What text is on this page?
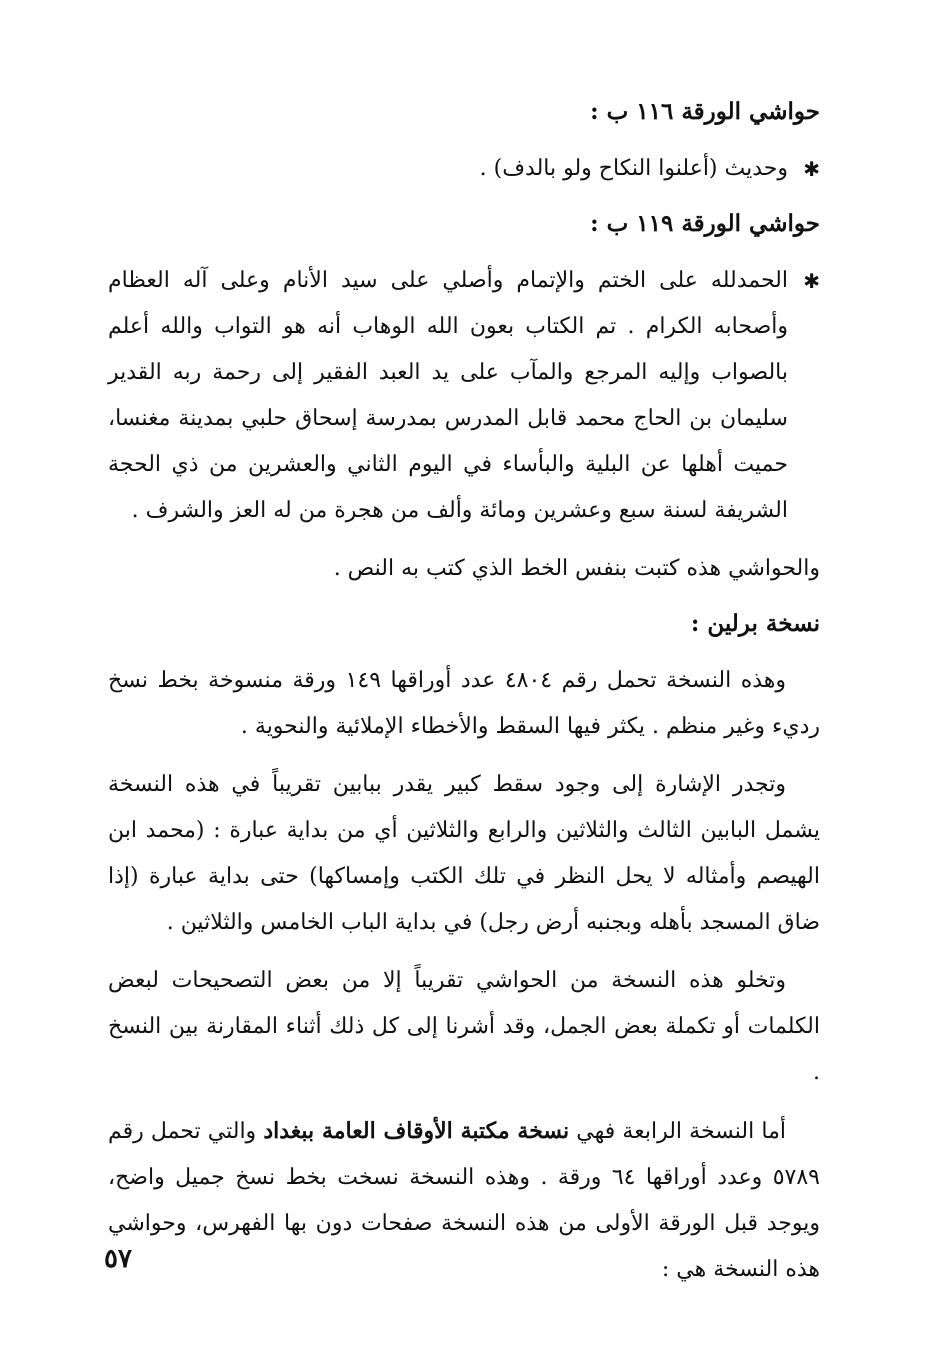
حواشي الورقة ١١٦ ب :
✱
وحديث (أعلنوا النكاح ولو بالدف) .
حواشي الورقة ١١٩ ب :
✱
الحمدلله على الختم والإتمام وأصلي على سيد الأنام وعلى آله العظام وأصحابه الكرام . تم الكتاب بعون الله الوهاب أنه هو التواب والله أعلم بالصواب وإليه المرجع والمآب على يد العبد الفقير إلى رحمة ربه القدير سليمان بن الحاج محمد قابل المدرس بمدرسة إسحاق حلبي بمدينة مغنسا، حميت أهلها عن البلية والبأساء في اليوم الثاني والعشرين من ذي الحجة الشريفة لسنة سبع وعشرين ومائة وألف من هجرة من له العز والشرف .
والحواشي هذه كتبت بنفس الخط الذي كتب به النص .
نسخة برلين :
وهذه النسخة تحمل رقم ٤٨٠٤ عدد أوراقها ١٤٩ ورقة منسوخة بخط نسخ رديء وغير منظم . يكثر فيها السقط والأخطاء الإملائية والنحوية .
وتجدر الإشارة إلى وجود سقط كبير يقدر ببابين تقريباً في هذه النسخة يشمل البابين الثالث والثلاثين والرابع والثلاثين أي من بداية عبارة : (محمد ابن الهيصم وأمثاله لا يحل النظر في تلك الكتب وإمساكها) حتى بداية عبارة (إذا ضاق المسجد بأهله وبجنبه أرض رجل) في بداية الباب الخامس والثلاثين .
وتخلو هذه النسخة من الحواشي تقريباً إلا من بعض التصحيحات لبعض الكلمات أو تكملة بعض الجمل، وقد أشرنا إلى كل ذلك أثناء المقارنة بين النسخ .
أما النسخة الرابعة فهي نسخة مكتبة الأوقاف العامة ببغداد والتي تحمل رقم ٥٧٨٩ وعدد أوراقها ٦٤ ورقة . وهذه النسخة نسخت بخط نسخ جميل واضح، ويوجد قبل الورقة الأولى من هذه النسخة صفحات دون بها الفهرس، وحواشي هذه النسخة هي :
٥٧
